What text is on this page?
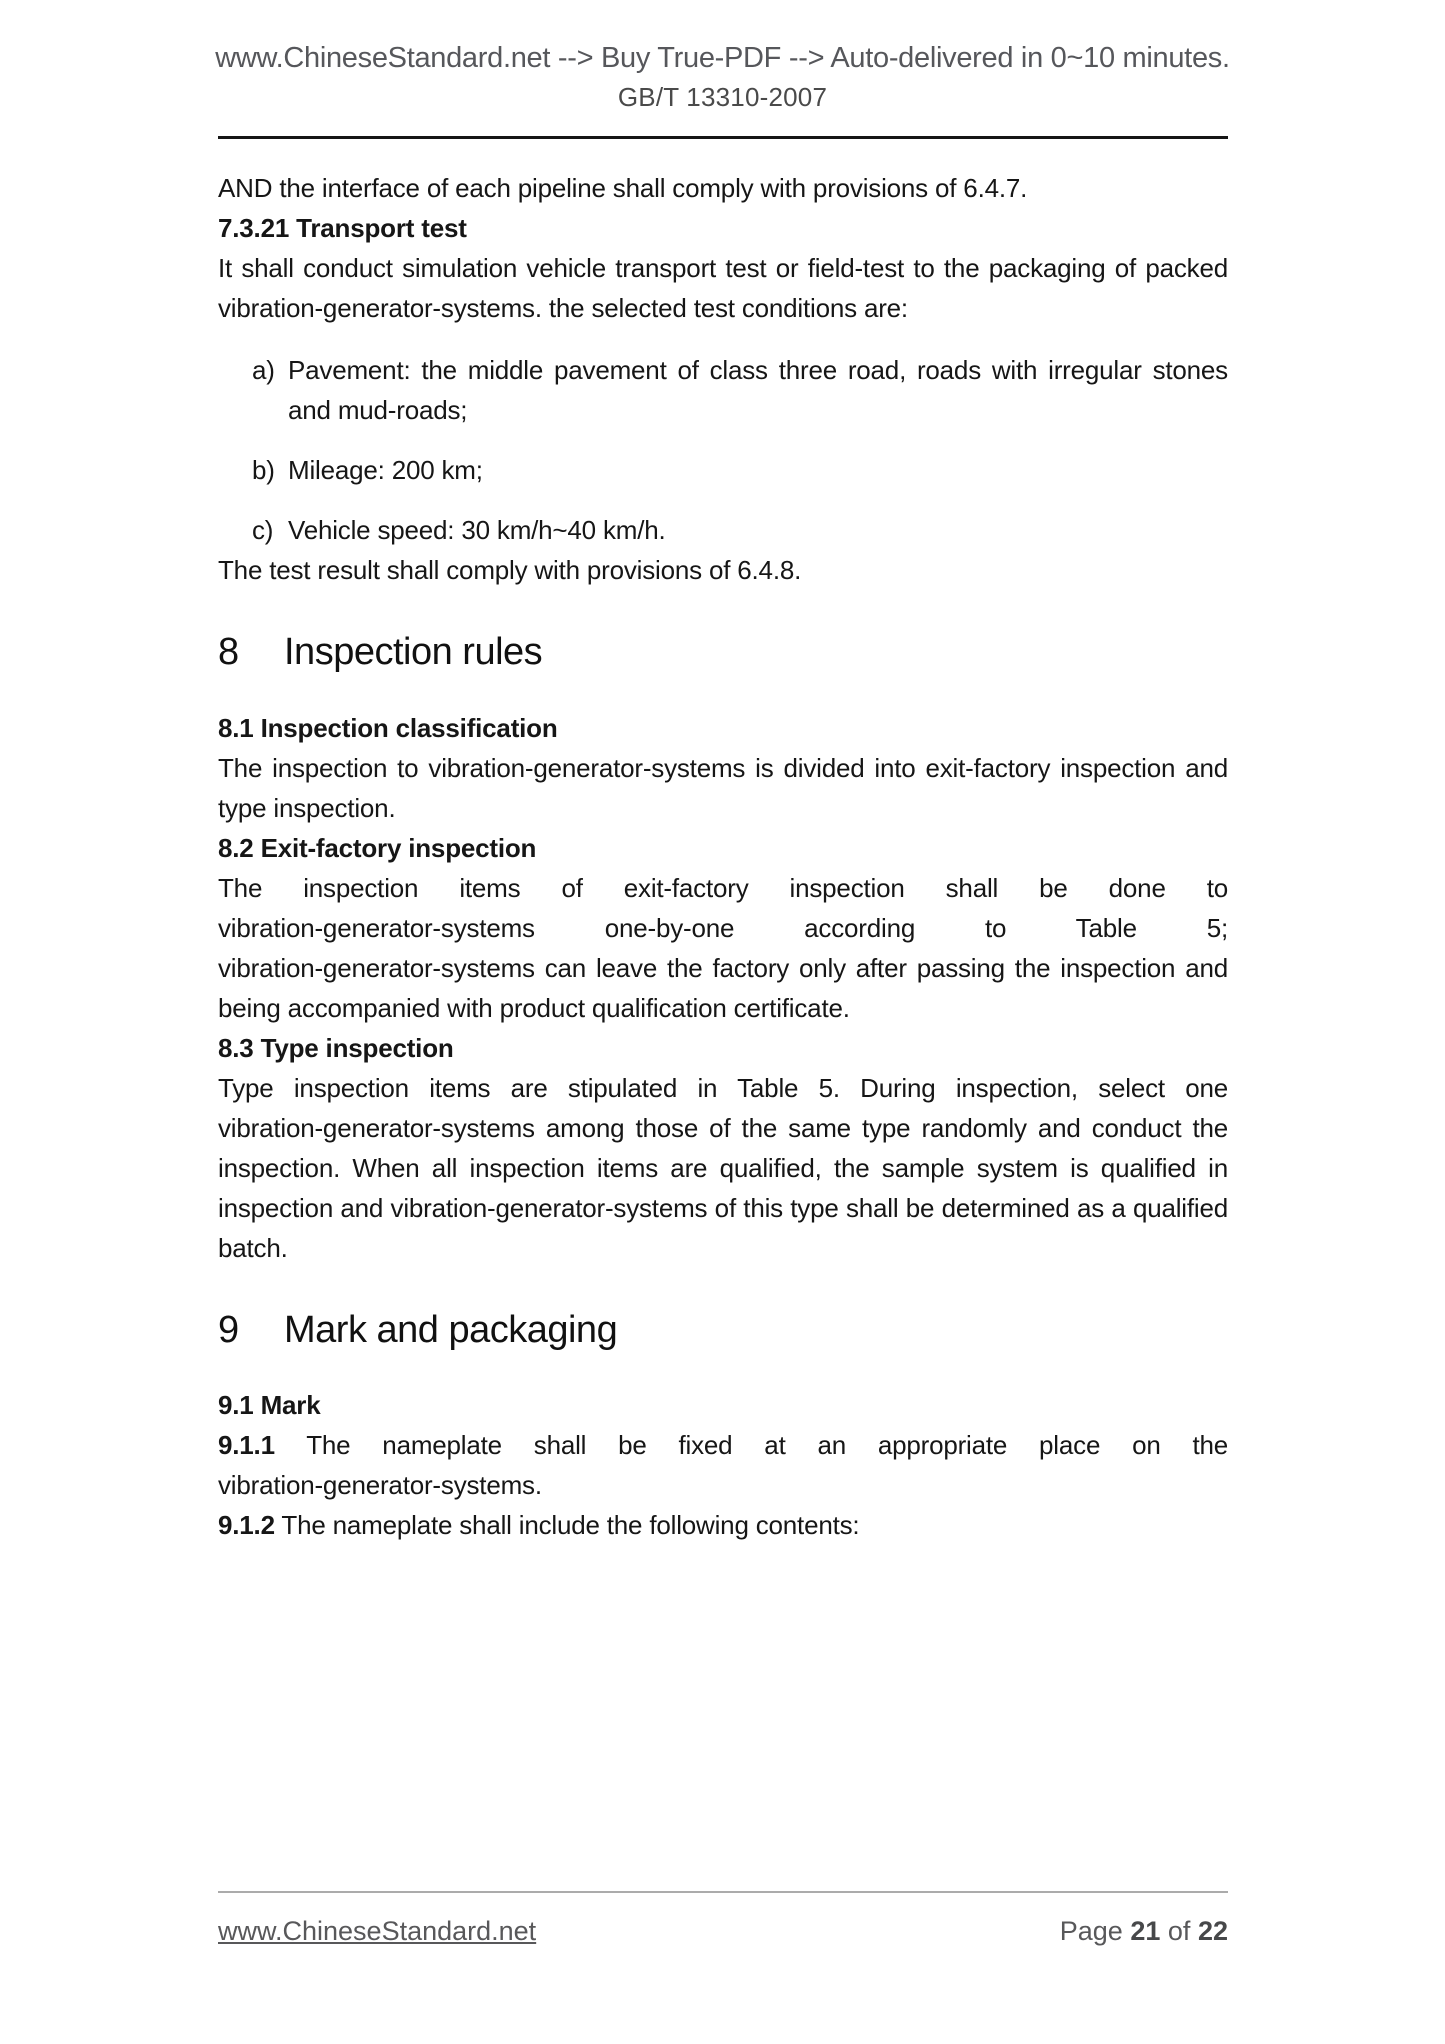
www.ChineseStandard.net --> Buy True-PDF --> Auto-delivered in 0~10 minutes.
GB/T 13310-2007

AND the interface of each pipeline shall comply with provisions of 6.4.7.

7.3.21 Transport test

It shall conduct simulation vehicle transport test or field-test to the packaging of packed vibration-generator-systems. the selected test conditions are:

a) Pavement: the middle pavement of class three road, roads with irregular stones and mud-roads;
b) Mileage: 200 km;
c) Vehicle speed: 30 km/h~40 km/h.

The test result shall comply with provisions of 6.4.8.

8 Inspection rules

8.1 Inspection classification

The inspection to vibration-generator-systems is divided into exit-factory inspection and type inspection.

8.2 Exit-factory inspection

The inspection items of exit-factory inspection shall be done to vibration-generator-systems	one-by-one according to Table 5; vibration-generator-systems can leave the factory only after passing the inspection and being accompanied with product qualification certificate.

8.3 Type inspection

Type inspection items are stipulated in Table 5. During inspection, select one vibration-generator-systems among those of the same type randomly and conduct the inspection. When all inspection items are qualified, the sample system is qualified in inspection and vibration-generator-systems of this type shall be determined as a qualified batch.

9 Mark and packaging

9.1 Mark

9.1.1 The nameplate shall be fixed at an appropriate place on the vibration-generator-systems.

9.1.2 The nameplate shall include the following contents:

www.ChineseStandard.net	Page 21 of 22
